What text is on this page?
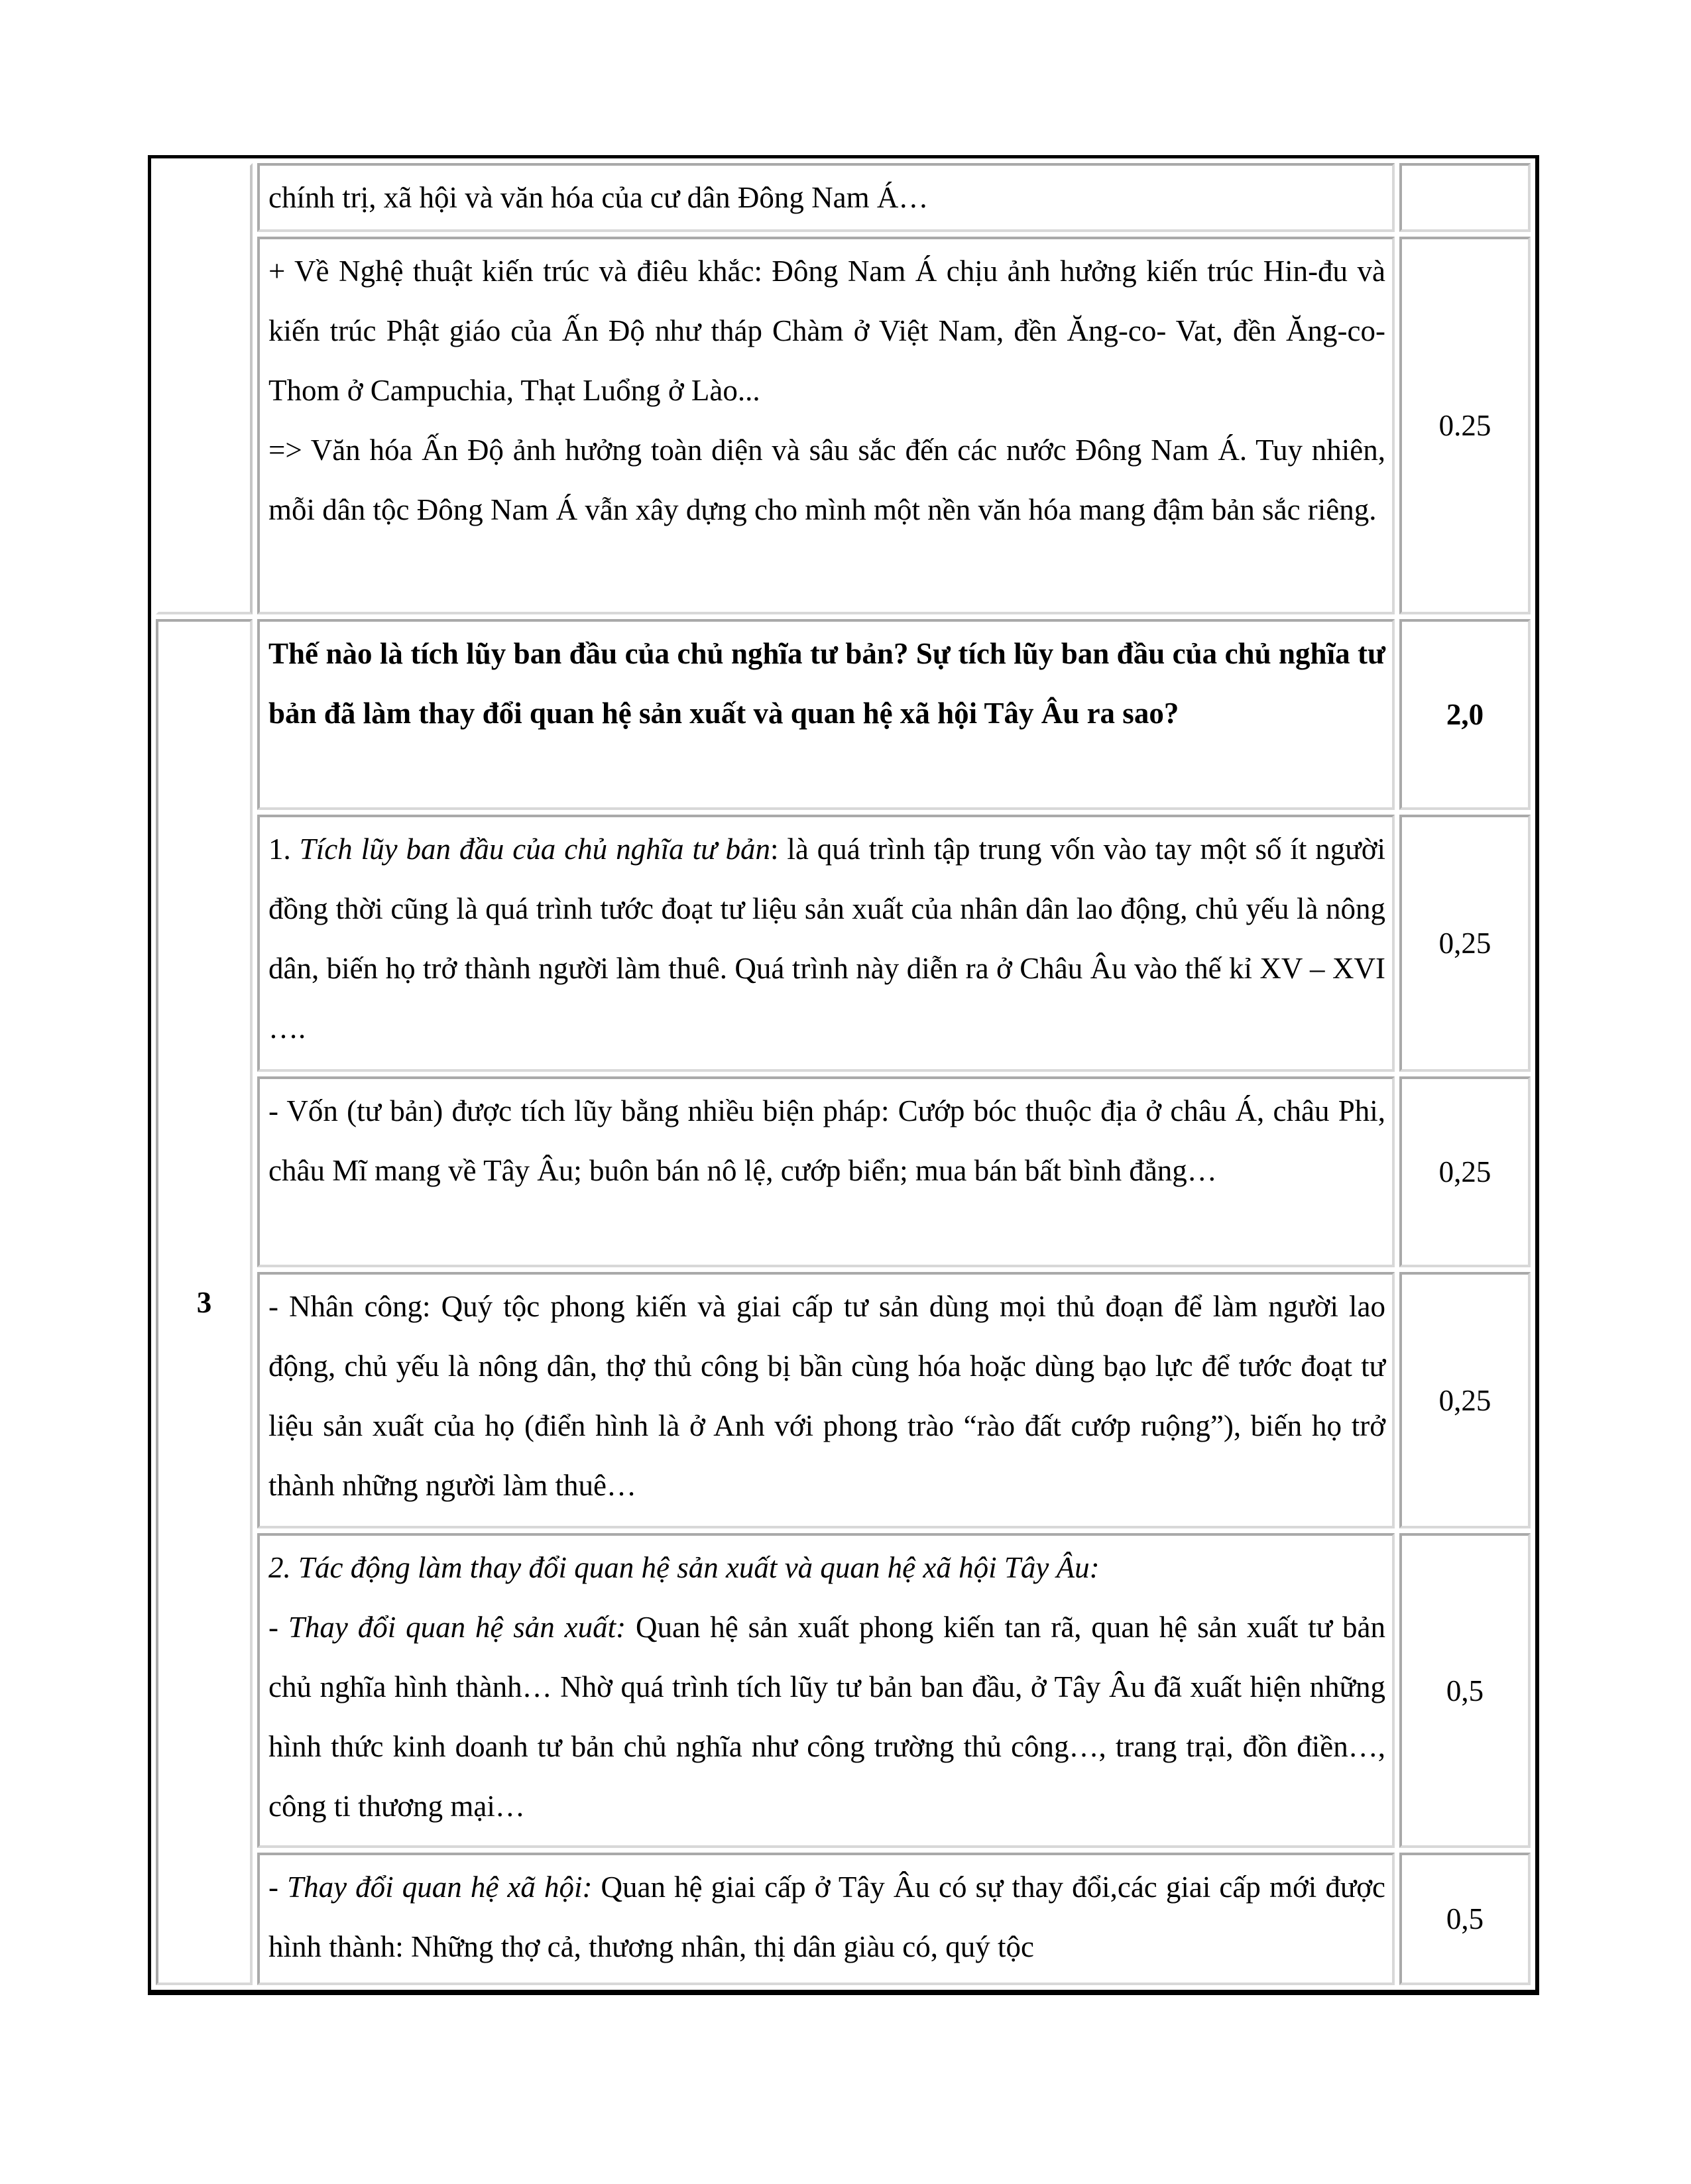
	chính trị, xã hội và văn hóa của cư dân Đông Nam Á…	

	+ Về Nghệ thuật kiến trúc và điêu khắc: Đông Nam Á chịu ảnh hưởng kiến trúc Hin-đu và kiến trúc Phật giáo của Ấn Độ như tháp Chàm ở Việt Nam, đền Ăng-co- Vat, đền Ăng-co-Thom ở Campuchia, Thạt Luổng ở Lào...

=> Văn hóa Ấn Độ ảnh hưởng toàn diện và sâu sắc đến các nước Đông Nam Á. Tuy nhiên, mỗi dân tộc Đông Nam Á vẫn xây dựng cho mình một nền văn hóa mang đậm bản sắc riêng.	0.25
3	Thế nào là tích lũy ban đầu của chủ nghĩa tư bản? Sự tích lũy ban đầu của chủ nghĩa tư bản đã làm thay đổi quan hệ sản xuất và quan hệ xã hội Tây Âu ra sao?	2,0

	1. Tích lũy ban đầu của chủ nghĩa tư bản: là quá trình tập trung vốn vào tay một số ít người đồng thời cũng là quá trình tước đoạt tư liệu sản xuất của nhân dân lao động, chủ yếu là nông dân, biến họ trở thành người làm thuê. Quá trình này diễn ra ở Châu Âu vào thế kỉ XV – XVI ….	0,25

	- Vốn (tư bản) được tích lũy bằng nhiều biện pháp: Cướp bóc thuộc địa ở châu Á, châu Phi, châu Mĩ mang về Tây Âu; buôn bán nô lệ, cướp biển; mua bán bất bình đẳng…	0,25

	- Nhân công: Quý tộc phong kiến và giai cấp tư sản dùng mọi thủ đoạn để làm người lao động, chủ yếu là nông dân, thợ thủ công bị bần cùng hóa hoặc dùng bạo lực để tước đoạt tư liệu sản xuất của họ (điển hình là ở Anh với phong trào “rào đất cướp ruộng”), biến họ trở thành những người làm thuê…	0,25

	2. Tác động làm thay đổi quan hệ sản xuất và quan hệ xã hội Tây Âu:

- Thay đổi quan hệ sản xuất: Quan hệ sản xuất phong kiến tan rã, quan hệ sản xuất tư bản chủ nghĩa hình thành… Nhờ quá trình tích lũy tư bản ban đầu, ở Tây Âu đã xuất hiện những hình thức kinh doanh tư bản chủ nghĩa như công trường thủ công…, trang trại, đồn điền…, công ti thương mại…	0,5

	- Thay đổi quan hệ xã hội: Quan hệ giai cấp ở Tây Âu có sự thay đổi,các giai cấp mới được hình thành: Những thợ cả, thương nhân, thị dân giàu có, quý tộc	0,5
